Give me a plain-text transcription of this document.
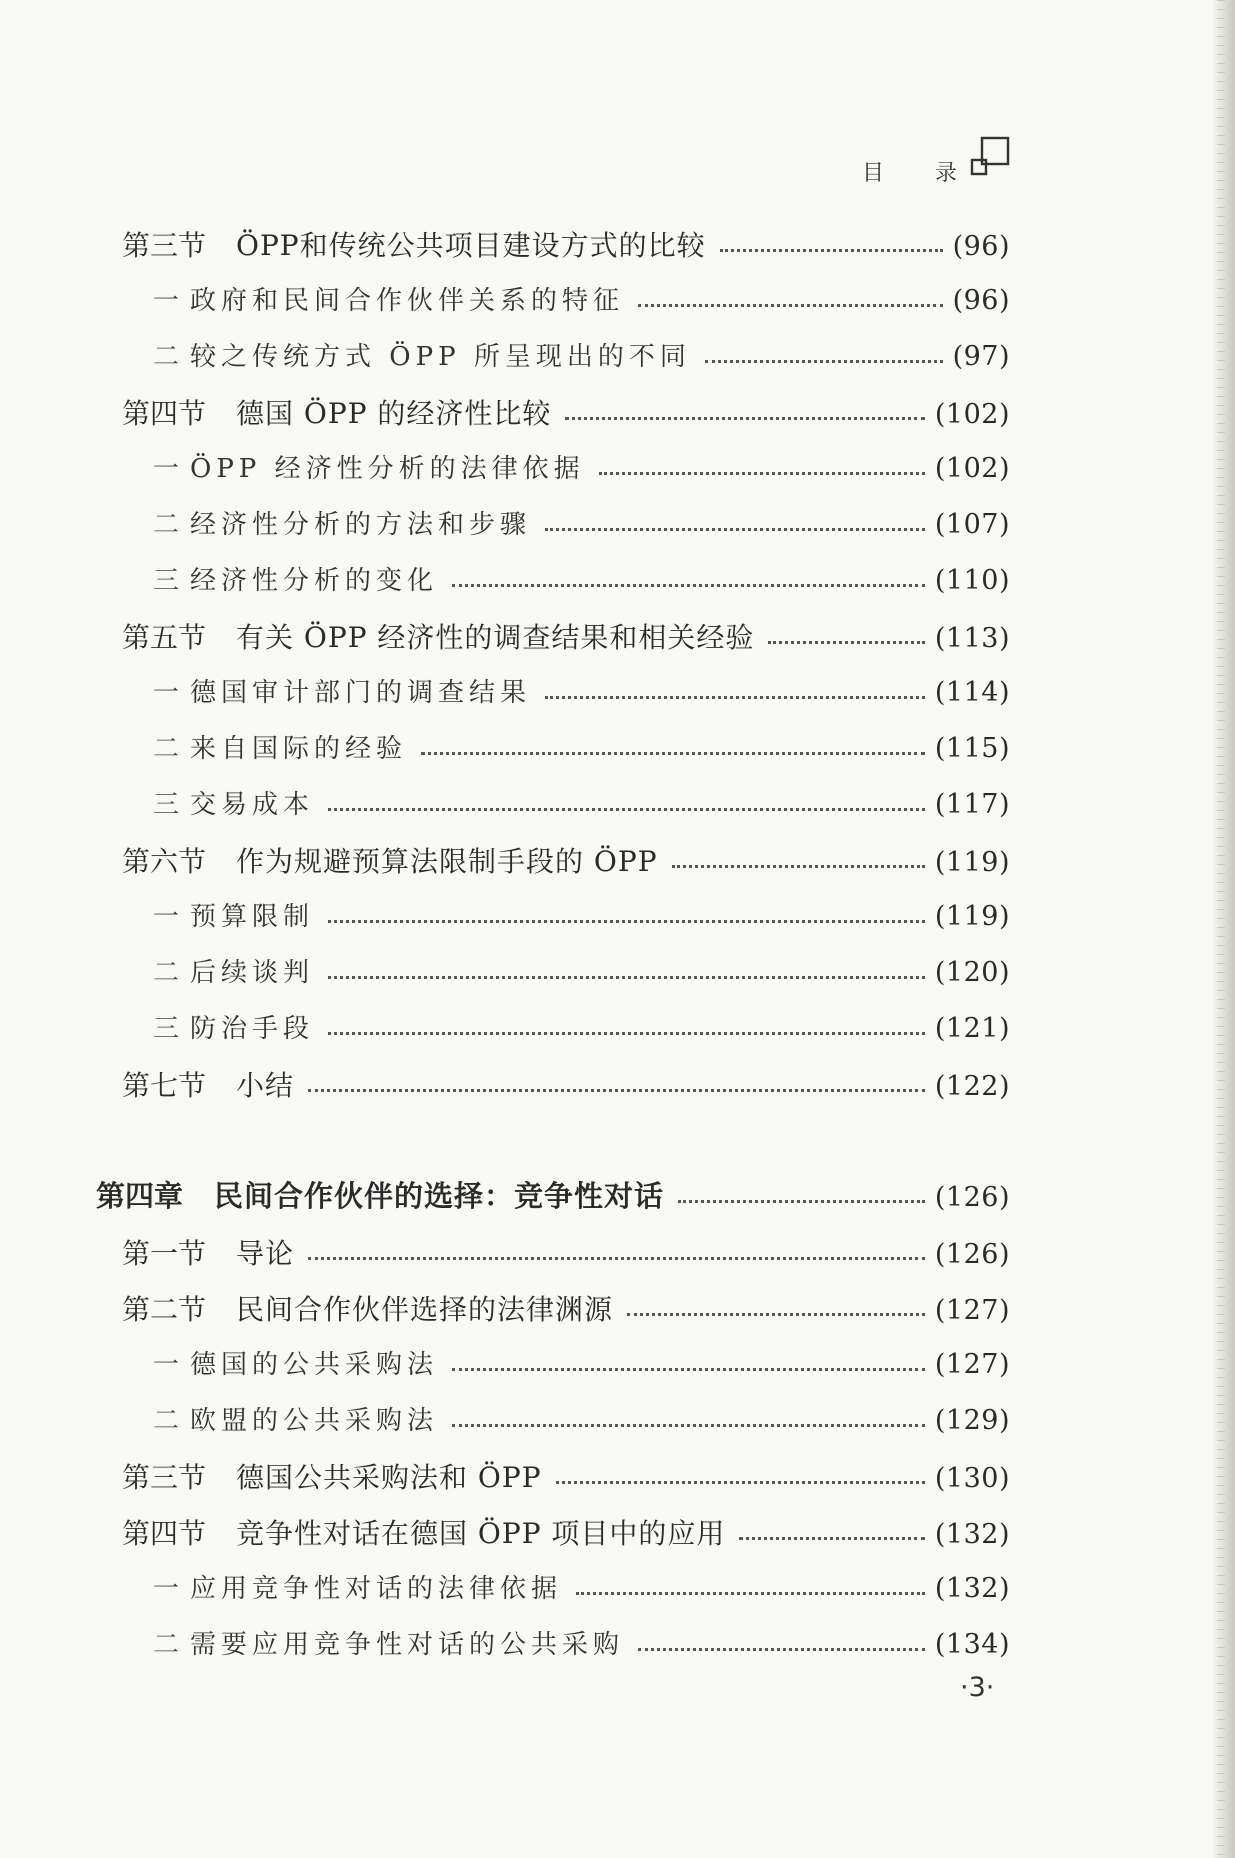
目 录
第三节	ÖPP和传统公共项目建设方式的比较	(96)
一 政府和民间合作伙伴关系的特征	(96)
二 较之传统方式 ÖPP 所呈现出的不同	(97)
第四节	德国 ÖPP 的经济性比较	(102)
一 ÖPP 经济性分析的法律依据	(102)
二 经济性分析的方法和步骤	(107)
三 经济性分析的变化	(110)
第五节	有关 ÖPP 经济性的调查结果和相关经验	(113)
一 德国审计部门的调查结果	(114)
二 来自国际的经验	(115)
三 交易成本	(117)
第六节	作为规避预算法限制手段的 ÖPP	(119)
一 预算限制	(119)
二 后续谈判	(120)
三 防治手段	(121)
第七节	小结	(122)
第四章	民间合作伙伴的选择：竞争性对话	(126)
第一节	导论	(126)
第二节	民间合作伙伴选择的法律渊源	(127)
一 德国的公共采购法	(127)
二 欧盟的公共采购法	(129)
第三节	德国公共采购法和 ÖPP	(130)
第四节	竞争性对话在德国 ÖPP 项目中的应用	(132)
一 应用竞争性对话的法律依据	(132)
二 需要应用竞争性对话的公共采购	(134)
·3·
